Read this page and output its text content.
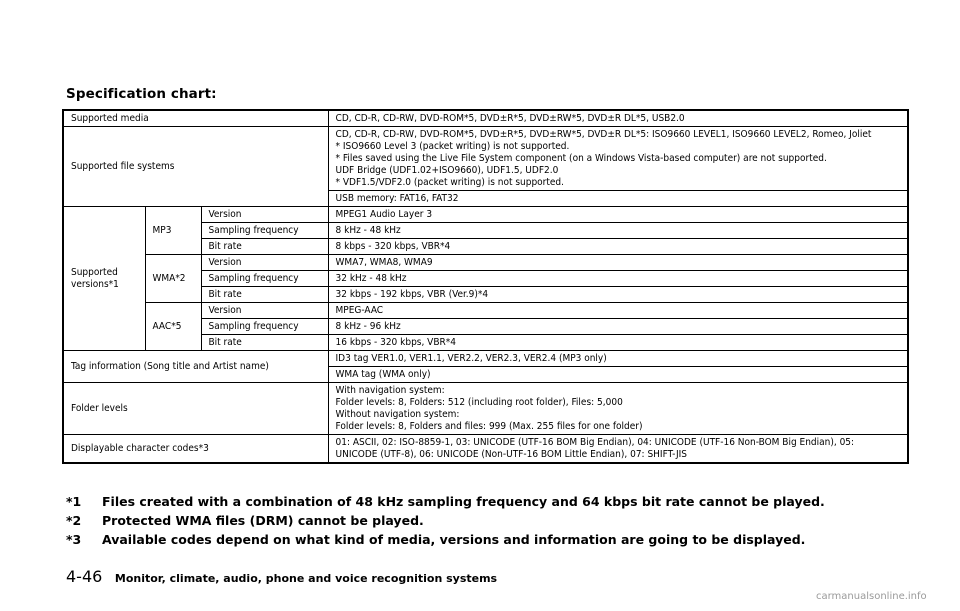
Specification chart:
Supported media			CD, CD-R, CD-RW, DVD-ROM*5, DVD±R*5, DVD±RW*5, DVD±R DL*5, USB2.0
Supported file systems			CD, CD-R, CD-RW, DVD-ROM*5, DVD±R*5, DVD±RW*5, DVD±R DL*5: ISO9660 LEVEL1, ISO9660 LEVEL2, Romeo, Joliet
* ISO9660 Level 3 (packet writing) is not supported.
* Files saved using the Live File System component (on a Windows Vista-based computer) are not supported.
UDF Bridge (UDF1.02+ISO9660), UDF1.5, UDF2.0
* VDF1.5/VDF2.0 (packet writing) is not supported.

			USB memory: FAT16, FAT32

Supported
versions*1	MP3	Version	MPEG1 Audio Layer 3
		Sampling frequency	8 kHz - 48 kHz
		Bit rate	8 kbps - 320 kbps, VBR*4
	WMA*2	Version	WMA7, WMA8, WMA9
		Sampling frequency	32 kHz - 48 kHz
		Bit rate	32 kbps - 192 kbps, VBR (Ver.9)*4
	AAC*5	Version	MPEG-AAC
		Sampling frequency	8 kHz - 96 kHz
		Bit rate	16 kbps - 320 kbps, VBR*4
Tag information (Song title and Artist name)			ID3 tag VER1.0, VER1.1, VER2.2, VER2.3, VER2.4 (MP3 only)
			WMA tag (WMA only)
Folder levels			With navigation system:
Folder levels: 8, Folders: 512 (including root folder), Files: 5,000
Without navigation system:
Folder levels: 8, Folders and files: 999 (Max. 255 files for one folder)

Displayable character codes*3			01: ASCII, 02: ISO-8859-1, 03: UNICODE (UTF-16 BOM Big Endian), 04: UNICODE (UTF-16 Non-BOM Big Endian), 05:
UNICODE (UTF-8), 06: UNICODE (Non-UTF-16 BOM Little Endian), 07: SHIFT-JIS
*1 Files created with a combination of 48 kHz sampling frequency and 64 kbps bit rate cannot be played.
*2 Protected WMA files (DRM) cannot be played.
*3 Available codes depend on what kind of media, versions and information are going to be displayed.
4-46 Monitor, climate, audio, phone and voice recognition systems
carmanualsonline.info
